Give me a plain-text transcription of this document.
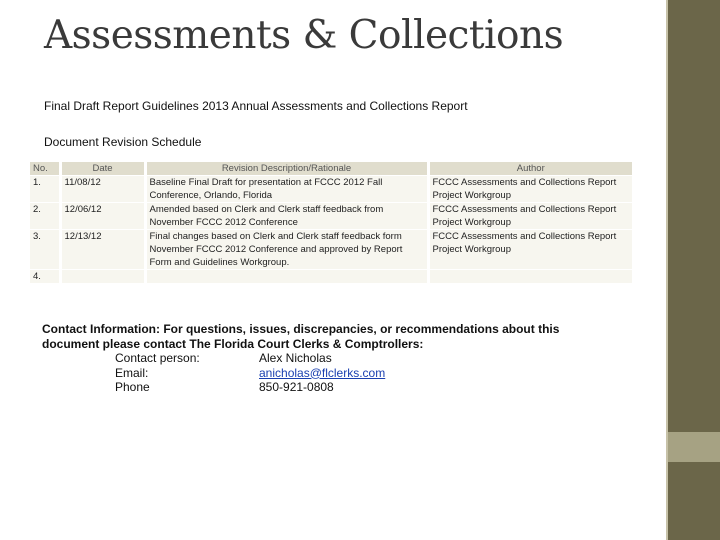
Assessments & Collections

Final Draft Report Guidelines 2013 Annual Assessments and Collections Report

Document Revision Schedule

No.	Date	Revision Description/Rationale	Author
1.	11/08/12	Baseline Final Draft for presentation at FCCC 2012 Fall Conference, Orlando, Florida	FCCC Assessments and Collections Report Project Workgroup
2.	12/06/12	Amended based on Clerk and Clerk staff feedback from November FCCC 2012 Conference	FCCC Assessments and Collections Report Project Workgroup
3.	12/13/12	Final changes based on Clerk and Clerk staff feedback form November FCCC 2012 Conference and approved by Report Form and Guidelines Workgroup.	FCCC Assessments and Collections Report Project Workgroup
4.			

Contact Information: For questions, issues, discrepancies, or recommendations about this document please contact The Florida Court Clerks & Comptrollers:

Contact person:	Alex Nicholas
Email:	anicholas@flclerks.com
Phone	850-921-0808
